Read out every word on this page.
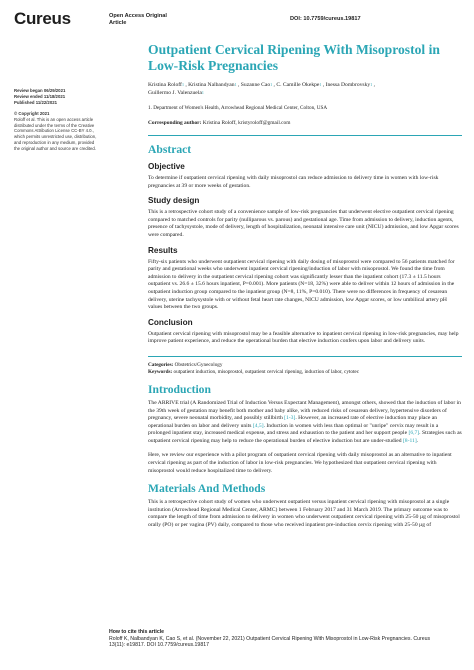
Cureus	Open Access Original
Article
DOI: 10.7759/cureus.19817
Review began 06/29/2021
Review ended 11/18/2021
Published 11/22/2021
© Copyright 2021
Roloff et al. This is an open access article
distributed under the terms of the Creative
Commons Attribution License CC-BY 4.0.,
which permits unrestricted use, distribution,
and reproduction in any medium, provided
the original author and source are credited.
Outpatient Cervical Ripening With Misoprostol in
Low-Risk Pregnancies
Kristina Roloff$^1$ , Kristina Nalbandyan$^1$ , Suzanne Cao$^1$ , C. Camille Okekpe$^1$ , Inessa Dombrovsky$^1$ ,
Guillermo J. Valenzuela$^1$
1. Department of Women's Health, Arrowhead Regional Medical Center, Colton, USA
Corresponding author: Kristina Roloff, kristyroloff@gmail.com
Abstract
Objective
To determine if outpatient cervical ripening with daily misoprostol can reduce admission to delivery time in women with low-risk pregnancies at 39 or more weeks of gestation.
Study design
This is a retrospective cohort study of a convenience sample of low-risk pregnancies that underwent elective outpatient cervical ripening compared to matched controls for parity (nulliparous vs. parous) and gestational age. Time from admission to delivery, induction agents, presence of tachysystole, mode of delivery, length of hospitalization, neonatal intensive care unit (NICU) admission, and low Apgar scores were compared.
Results
Fifty-six patients who underwent outpatient cervical ripening with daily dosing of misoprostol were compared to 56 patients matched for parity and gestational weeks who underwent inpatient cervical ripening/induction of labor with misoprostol. We found the time from admission to delivery in the outpatient cervical ripening cohort was significantly lesser than the inpatient cohort (17.3 ± 11.5 hours outpatient vs. 26.6 ± 15.6 hours inpatient, P=0.001). More patients (N=18, 32%) were able to deliver within 12 hours of admission in the outpatient induction group compared to the inpatient group (N=8, 11%, P=0.010). There were no differences in frequency of cesarean delivery, uterine tachysystole with or without fetal heart rate changes, NICU admission, low Apgar scores, or low umbilical artery pH values between the two groups.
Conclusion
Outpatient cervical ripening with misoprostol may be a feasible alternative to inpatient cervical ripening in low-risk pregnancies, may help improve patient experience, and reduce the operational burden that elective induction confers upon labor and delivery units.
Categories: Obstetrics/Gynecology
Keywords: outpatient induction, misoprostol, outpatient cervical ripening, induction of labor, cytotec
Introduction
The ARRIVE trial (A Randomized Trial of Induction Versus Expectant Management), amongst others, showed that the induction of labor in the 39th week of gestation may benefit both mother and baby alike, with reduced risks of cesarean delivery, hypertensive disorders of pregnancy, severe neonatal morbidity, and possibly stillbirth [1-3]. However, an increased rate of elective induction may place an operational burden on labor and delivery units [4,5]. Induction in women with less than optimal or "unripe" cervix may result in a prolonged inpatient stay, increased medical expense, and stress and exhaustion to the patient and her support people [6,7]. Strategies such as outpatient cervical ripening may help to reduce the operational burden of elective induction but are under-studied [8-11].
Here, we review our experience with a pilot program of outpatient cervical ripening with daily misoprostol as an alternative to inpatient cervical ripening as part of the induction of labor in low-risk pregnancies. We hypothesized that outpatient cervical ripening with misoprostol would reduce hospitalized time to delivery.
Materials And Methods
This is a retrospective cohort study of women who underwent outpatient versus inpatient cervical ripening with misoprostol at a single institution (Arrowhead Regional Medical Center, ARMC) between 1 February 2017 and 31 March 2019. The primary outcome was to compare the length of time from admission to delivery in women who underwent outpatient cervical ripening with 25-50 µg of misoprostol orally (PO) or per vagina (PV) daily, compared to those who received inpatient pre-induction cervix ripening with 25-50 µg of
How to cite this article
Roloff K, Nalbandyan K, Cao S, et al. (November 22, 2021) Outpatient Cervical Ripening With Misoprostol in Low-Risk Pregnancies. Cureus
13(11): e19817. DOI 10.7759/cureus.19817
